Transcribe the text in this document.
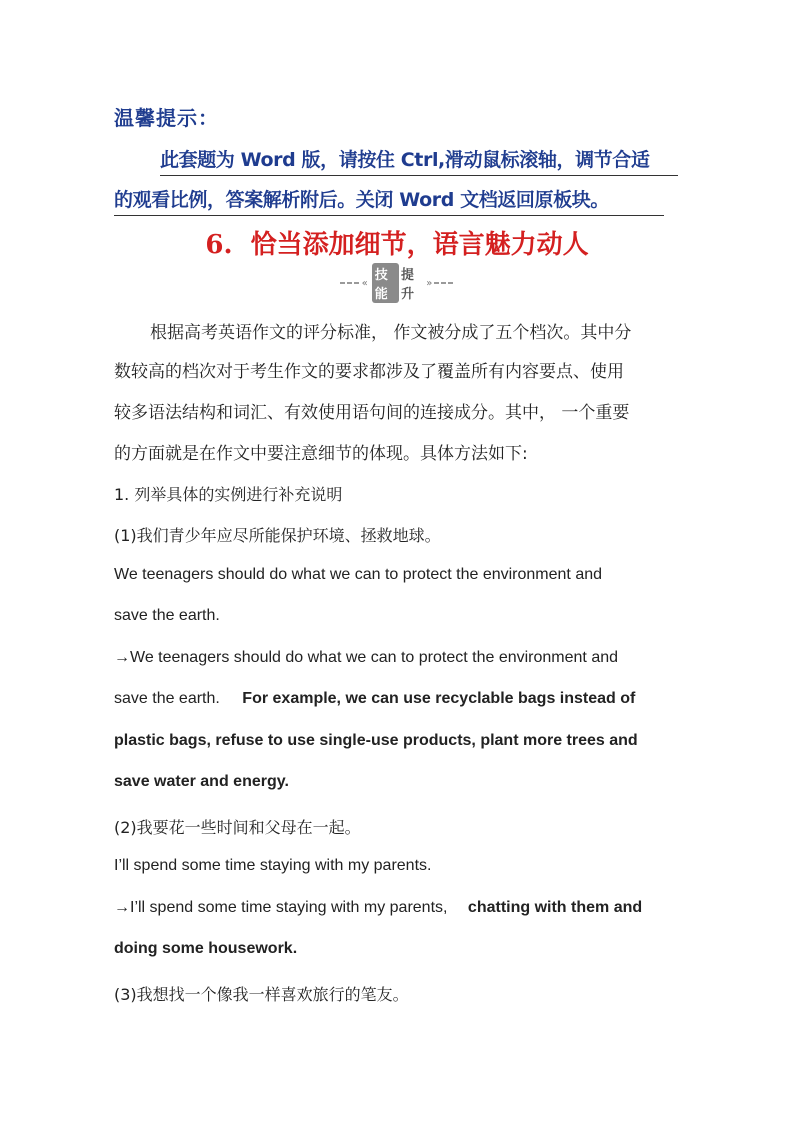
温馨提示：
此套题为 Word 版，请按住 Ctrl,滑动鼠标滚轴，调节合适
的观看比例，答案解析附后。关闭 Word 文档返回原板块。
6. 恰当添加细节，语言魅力动人
« 技能
提升
»
根据高考英语作文的评分标准， 作文被分成了五个档次。其中分
数较高的档次对于考生作文的要求都涉及了覆盖所有内容要点、使用
较多语法结构和词汇、有效使用语句间的连接成分。其中， 一个重要
的方面就是在作文中要注意细节的体现。具体方法如下:
1. 列举具体的实例进行补充说明
(1)我们青少年应尽所能保护环境、拯救地球。
We teenagers should do what we can to protect the environment and
save the earth.
→We teenagers should do what we can to protect the environment and
save the earth. For example, we can use recyclable bags instead of
plastic bags, refuse to use single-use products, plant more trees and
save water and energy.
(2)我要花一些时间和父母在一起。
I’ll spend some time staying with my parents.
→I’ll spend some time staying with my parents, chatting with them and
doing some housework.
(3)我想找一个像我一样喜欢旅行的笔友。
